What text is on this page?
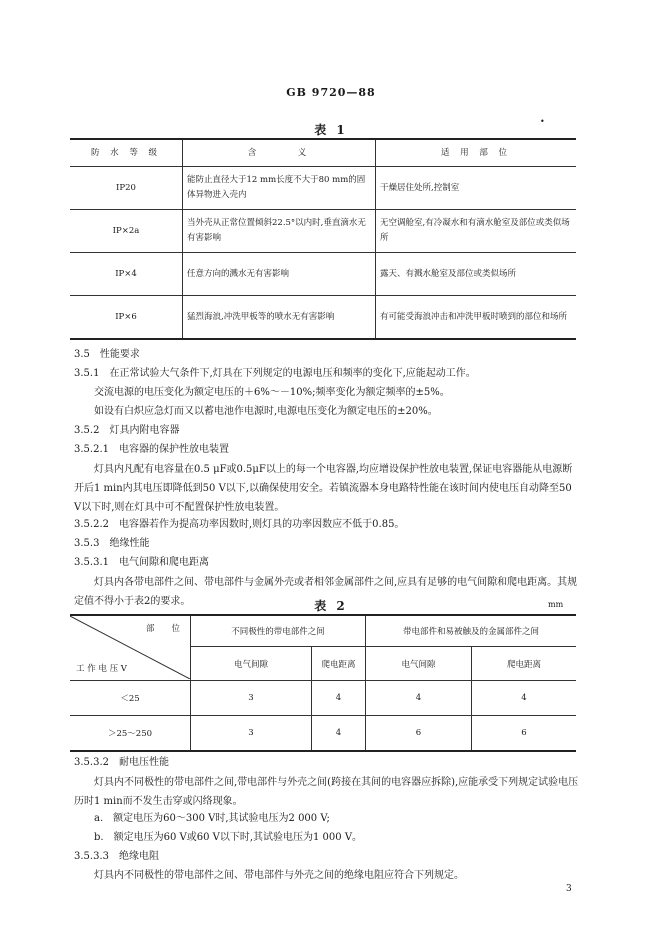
GB 9720—88
表 1
•
防 水 等 级	含　　　义	适 用 部 位
IP20	能防止直径大于12 mm长度不大于80 mm的固体异物进入壳内	干燥居住处所,控制室
IP×2a	当外壳从正常位置倾斜22.5°以内时,垂直滴水无有害影响	无空调舱室,有冷凝水和有滴水舱室及部位或类似场所
IP×4	任意方向的溅水无有害影响	露天、有溅水舱室及部位或类似场所
IP×6	猛烈海浪,冲洗甲板等的喷水无有害影响	有可能受海浪冲击和冲洗甲板时喷到的部位和场所
3.5　性能要求
3.5.1　在正常试验大气条件下,灯具在下列规定的电源电压和频率的变化下,应能起动工作。
交流电源的电压变化为额定电压的＋6%～－10%;频率变化为额定频率的±5%。
如设有白炽应急灯而又以蓄电池作电源时,电源电压变化为额定电压的±20%。
3.5.2　灯具内附电容器
3.5.2.1　电容器的保护性放电装置
灯具内凡配有电容量在0.5 μF或0.5μF以上的每一个电容器,均应增设保护性放电装置,保证电容器能从电源断开后1 min内其电压即降低到50 V以下,以确保使用安全。若镇流器本身电路特性能在该时间内使电压自动降至50 V以下时,则在灯具中可不配置保护性放电装置。
3.5.2.2　电容器若作为提高功率因数时,则灯具的功率因数应不低于0.85。
3.5.3　绝缘性能
3.5.3.1　电气间隙和爬电距离
灯具内各带电部件之间、带电部件与金属外壳或者相邻金属部件之间,应具有足够的电气间隙和爬电距离。其规定值不得小于表2的要求。	表 2	mm
部　　位
工 作 电 压 V	不同极性的带电部件之间		带电部件和易被触及的金属部件之间	
	电气间隙	爬电距离	电气间隙	爬电距离
＜25	3	4	4	4
＞25～250	3	4	6	6
3.5.3.2　耐电压性能
灯具内不同极性的带电部件之间,带电部件与外壳之间(跨接在其间的电容器应拆除),应能承受下列规定试验电压历时1 min而不发生击穿或闪络现象。
a.　额定电压为60～300 V时,其试验电压为2 000 V;
b.　额定电压为60 V或60 V以下时,其试验电压为1 000 V。
3.5.3.3　绝缘电阻
灯具内不同极性的带电部件之间、带电部件与外壳之间的绝缘电阻应符合下列规定。
3
